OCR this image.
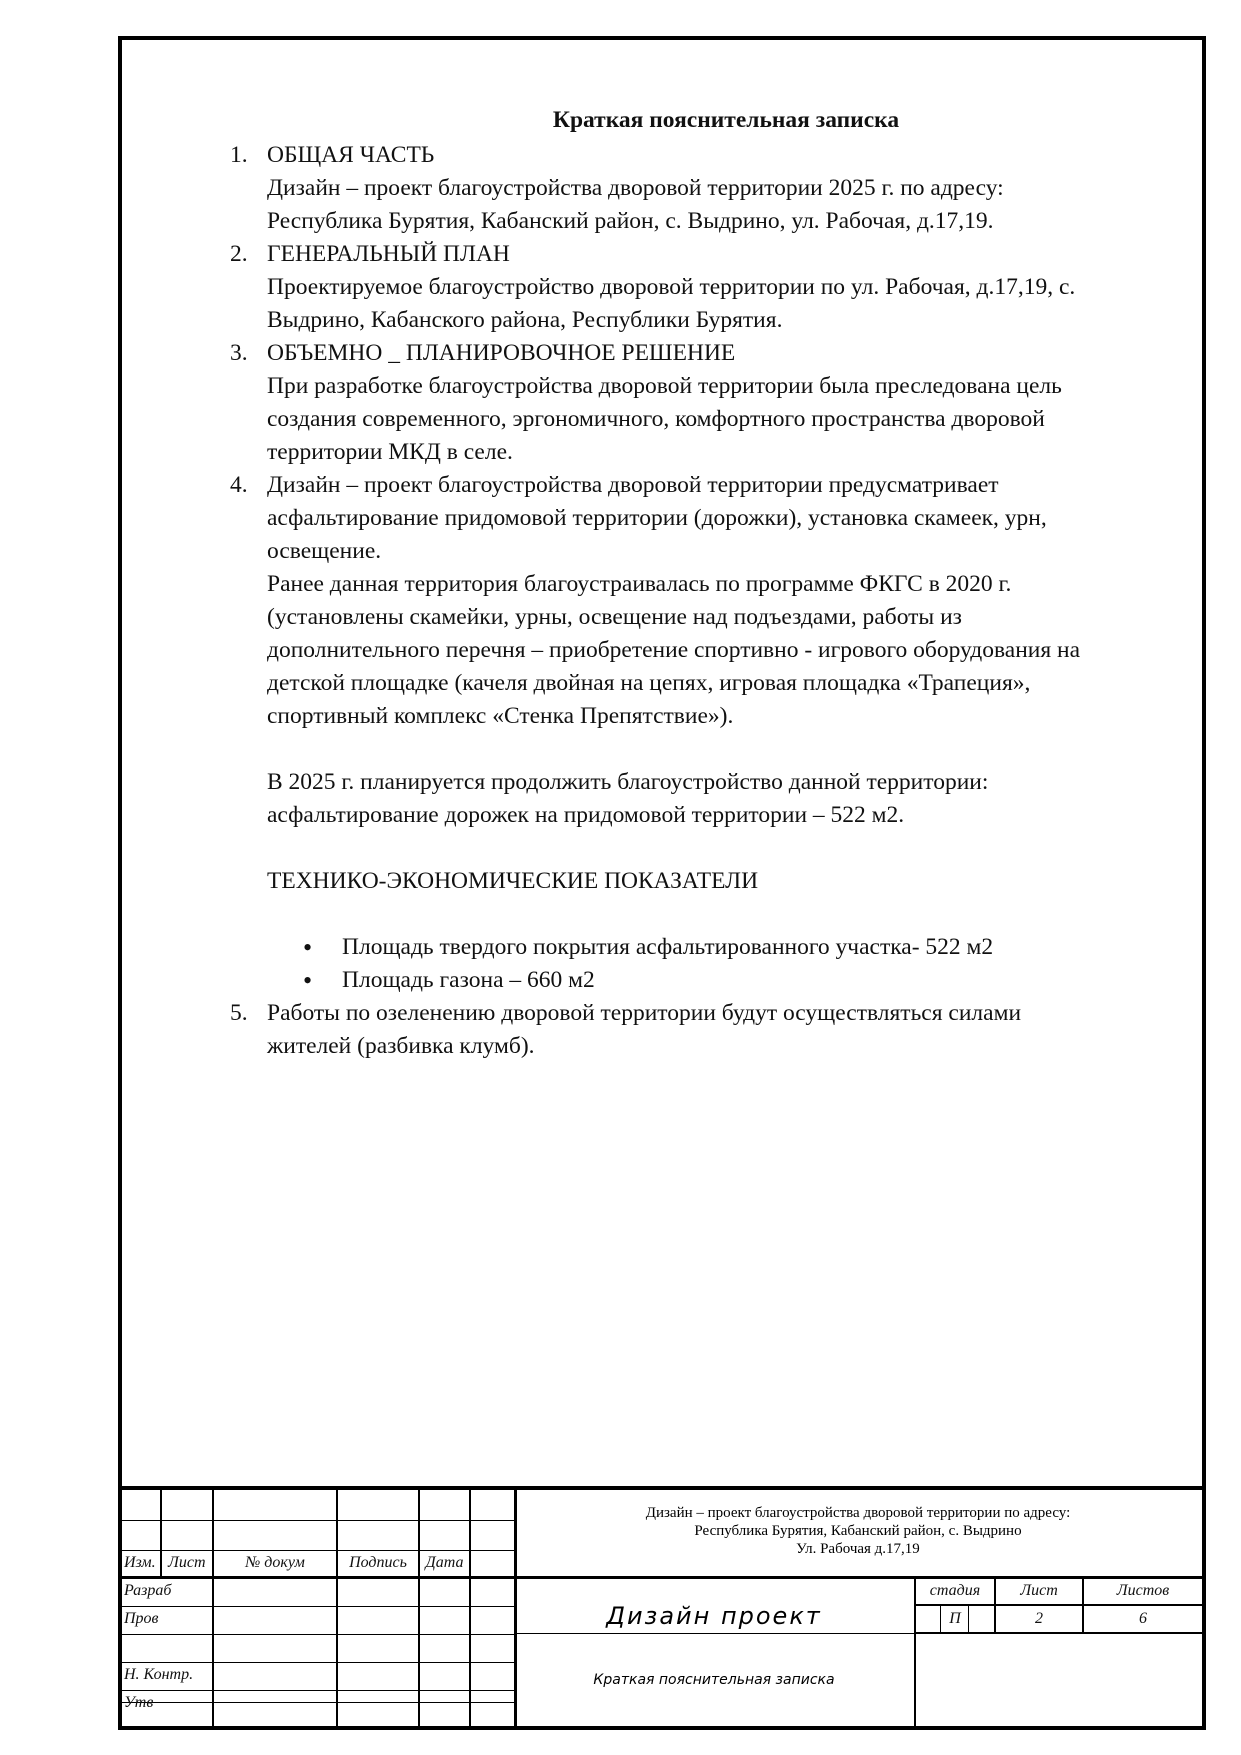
Краткая пояснительная записка
1. ОБЩАЯ ЧАСТЬ
Дизайн – проект благоустройства дворовой территории 2025 г. по адресу:
Республика Бурятия, Кабанский район, с. Выдрино, ул. Рабочая, д.17,19.
2. ГЕНЕРАЛЬНЫЙ ПЛАН
Проектируемое благоустройство дворовой территории по ул. Рабочая, д.17,19, с.
Выдрино, Кабанского района, Республики Бурятия.
3. ОБЪЕМНО _ ПЛАНИРОВОЧНОЕ РЕШЕНИЕ
При разработке благоустройства дворовой территории была преследована цель
создания современного, эргономичного, комфортного пространства дворовой
территории МКД в селе.
4. Дизайн – проект благоустройства дворовой территории предусматривает
асфальтирование придомовой территории (дорожки), установка скамеек, урн,
освещение.
Ранее данная территория благоустраивалась по программе ФКГС в 2020 г.
(установлены скамейки, урны, освещение над подъездами, работы из
дополнительного перечня – приобретение спортивно - игрового оборудования на
детской площадке (качеля двойная на цепях, игровая площадка «Трапеция»,
спортивный комплекс «Стенка Препятствие»).
В 2025 г. планируется продолжить благоустройство данной территории:
асфальтирование дорожек на придомовой территории – 522 м2.
ТЕХНИКО-ЭКОНОМИЧЕСКИЕ ПОКАЗАТЕЛИ
• Площадь твердого покрытия асфальтированного участка- 522 м2
• Площадь газона – 660 м2
5. Работы по озеленению дворовой территории будут осуществляться силами
жителей (разбивка клумб).
Изм. Лист	№ докум	Подпись	Дата
Разраб
Пров
Н. Контр.
Утв
Дизайн – проект благоустройства дворовой территории по адресу:
Республика Бурятия, Кабанский район, с. Выдрино
Ул. Рабочая д.17,19
Дизайн проект
Краткая пояснительная записка
стадия	Лист	Листов
П	2	6
